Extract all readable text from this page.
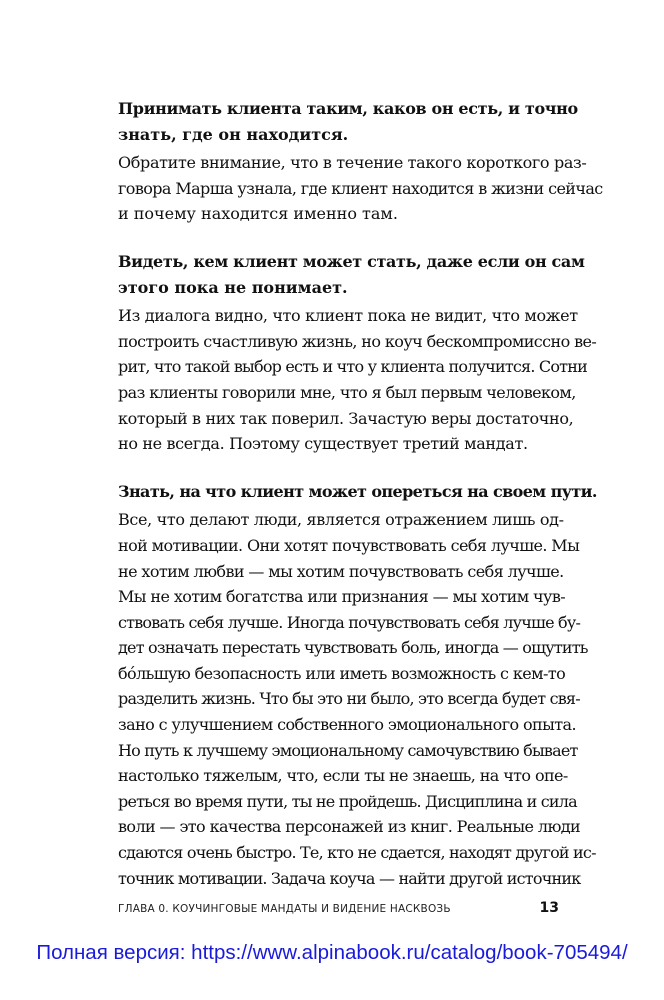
Принимать клиента таким, каков он есть, и точно
знать, где он находится.
Обратите внимание, что в течение такого короткого раз-
говора Марша узнала, где клиент находится в жизни сейчас
и почему находится именно там.
Видеть, кем клиент может стать, даже если он сам
этого пока не понимает.
Из диалога видно, что клиент пока не видит, что может
построить счастливую жизнь, но коуч бескомпромиссно ве-
рит, что такой выбор есть и что у клиента получится. Сотни
раз клиенты говорили мне, что я был первым человеком,
который в них так поверил. Зачастую веры достаточно,
но не всегда. Поэтому существует третий мандат.
Знать, на что клиент может опереться на своем пути.
Все, что делают люди, является отражением лишь од-
ной мотивации. Они хотят почувствовать себя лучше. Мы
не хотим любви — мы хотим почувствовать себя лучше.
Мы не хотим богатства или признания — мы хотим чув-
ствовать себя лучше. Иногда почувствовать себя лучше бу-
дет означать перестать чувствовать боль, иногда — ощутить
бóльшую безопасность или иметь возможность с кем-то
разделить жизнь. Что бы это ни было, это всегда будет свя-
зано с улучшением собственного эмоционального опыта.
Но путь к лучшему эмоциональному самочувствию бывает
настолько тяжелым, что, если ты не знаешь, на что опе-
реться во время пути, ты не пройдешь. Дисциплина и сила
воли — это качества персонажей из книг. Реальные люди
сдаются очень быстро. Те, кто не сдается, находят другой ис-
точник мотивации. Задача коуча — найти другой источник
ГЛАВА 0. КОУЧИНГОВЫЕ МАНДАТЫ И ВИДЕНИЕ НАСКВОЗЬ	13
Полная версия: https://www.alpinabook.ru/catalog/book-705494/
